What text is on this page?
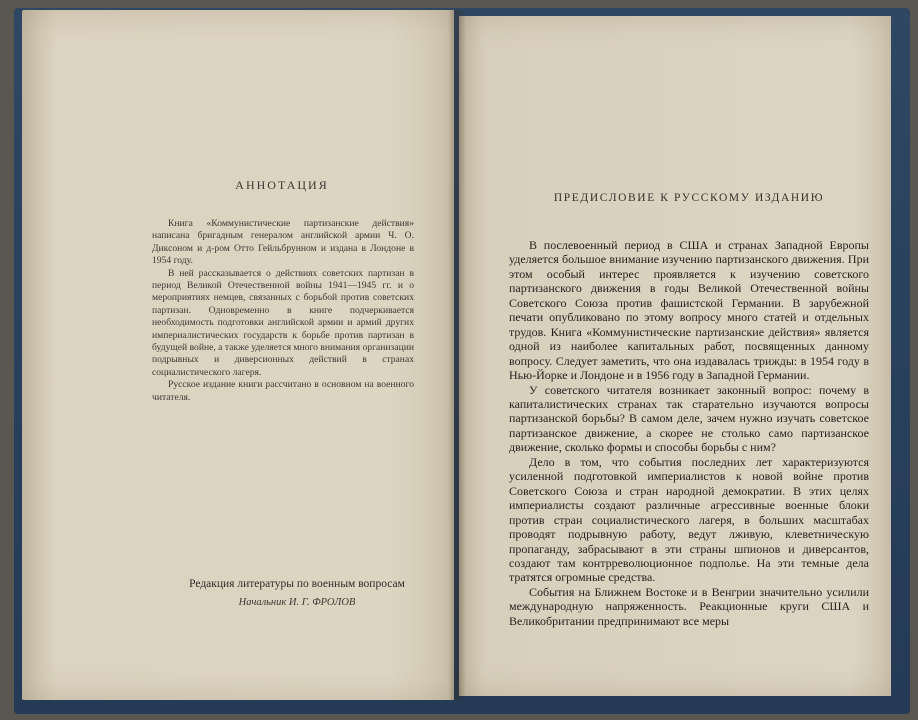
АННОТАЦИЯ

Книга «Коммунистические партизанские действия» написана бригадным генералом английской армии Ч. О. Диксоном и д-ром Отто Гейльбрунном и издана в Лондоне в 1954 году.

В ней рассказывается о действиях советских партизан в период Великой Отечественной войны 1941—1945 гг. и о мероприятиях немцев, связанных с борьбой против советских партизан. Одновременно в книге подчеркивается необходимость подготовки английской армии и армий других империалистических государств к борьбе против партизан в будущей войне, а также уделяется много внимания организации подрывных и диверсионных действий в странах социалистического лагеря.

Русское издание книги рассчитано в основном на военного читателя.

Редакция литературы по военным вопросам
Начальник И. Г. ФРОЛОВ
ПРЕДИСЛОВИЕ К РУССКОМУ ИЗДАНИЮ

В послевоенный период в США и странах Западной Европы уделяется большое внимание изучению партизанского движения. При этом особый интерес проявляется к изучению советского партизанского движения в годы Великой Отечественной войны Советского Союза против фашистской Германии. В зарубежной печати опубликовано по этому вопросу много статей и отдельных трудов. Книга «Коммунистические партизанские действия» является одной из наиболее капитальных работ, посвященных данному вопросу. Следует заметить, что она издавалась трижды: в 1954 году в Нью-Йорке и Лондоне и в 1956 году в Западной Германии.

У советского читателя возникает законный вопрос: почему в капиталистических странах так старательно изучаются вопросы партизанской борьбы? В самом деле, зачем нужно изучать советское партизанское движение, а скорее не столько само партизанское движение, сколько формы и способы борьбы с ним?

Дело в том, что события последних лет характеризуются усиленной подготовкой империалистов к новой войне против Советского Союза и стран народной демократии. В этих целях империалисты создают различные агрессивные военные блоки против стран социалистического лагеря, в больших масштабах проводят подрывную работу, ведут лживую, клеветническую пропаганду, забрасывают в эти страны шпионов и диверсантов, создают там контрреволюционное подполье. На эти темные дела тратятся огромные средства.

События на Ближнем Востоке и в Венгрии значительно усилили международную напряженность. Реакционные круги США и Великобритании предпринимают все меры
